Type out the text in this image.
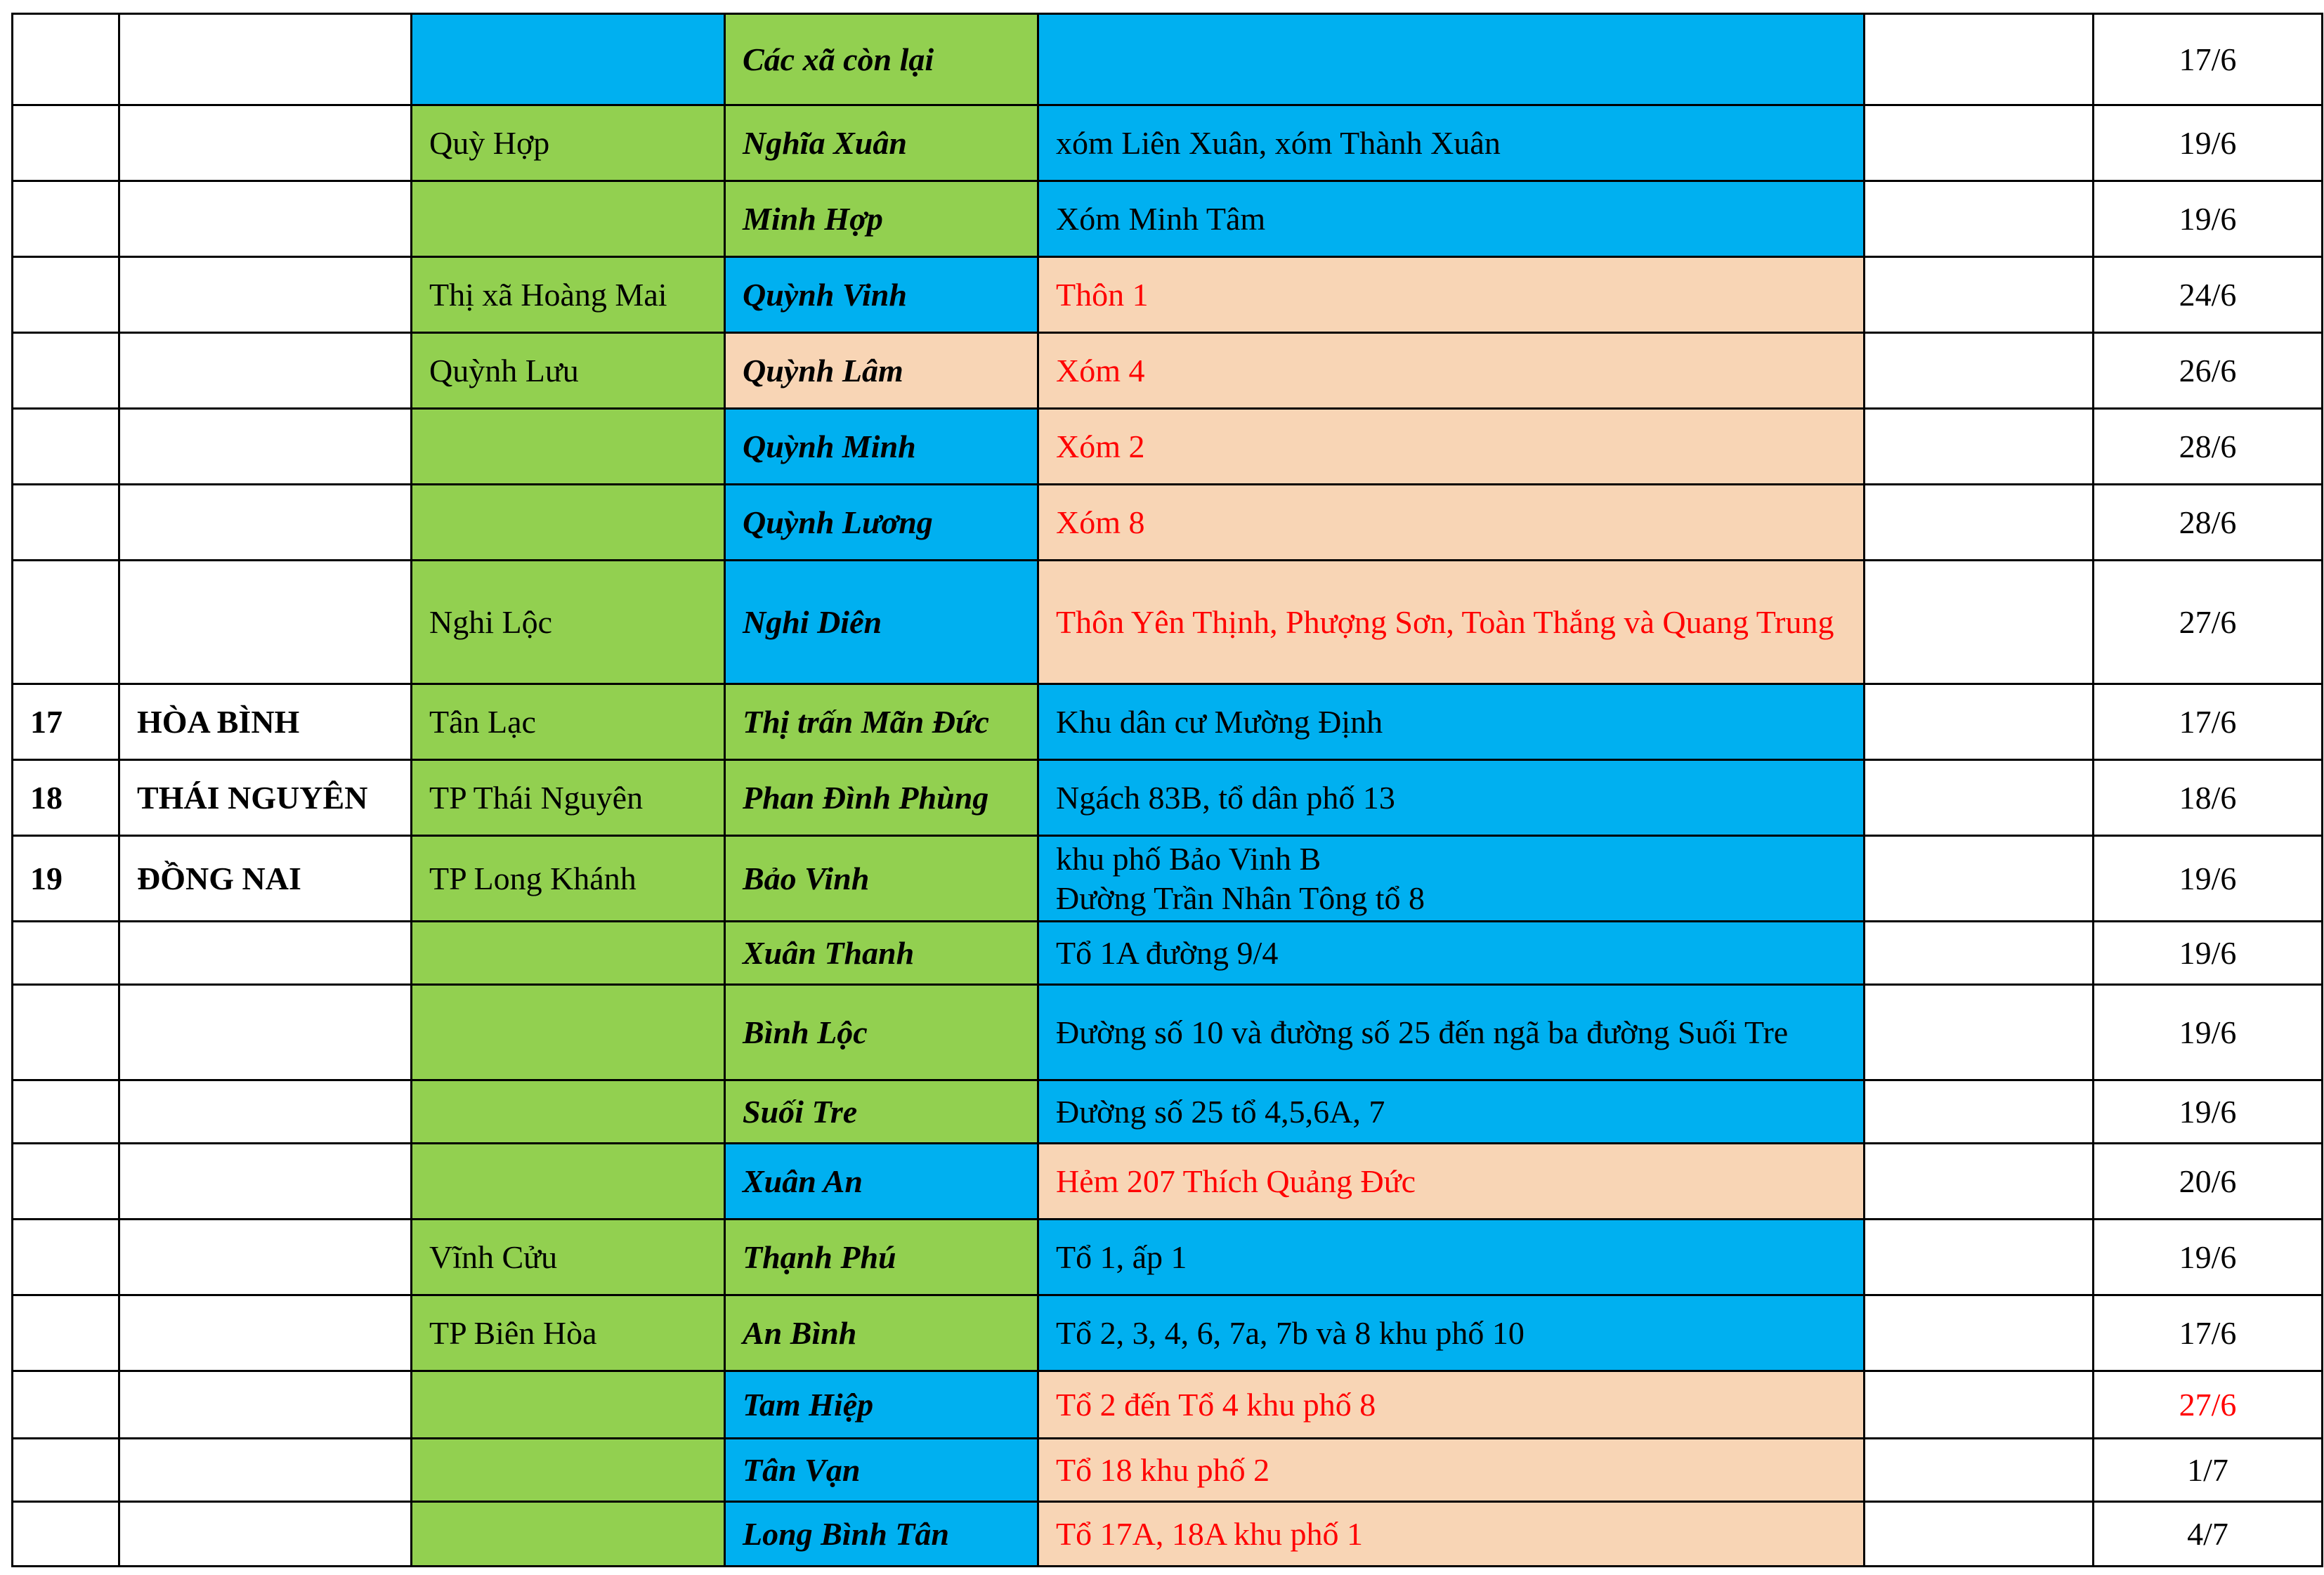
			Các xã còn lại			17/6
		Quỳ Hợp	Nghĩa Xuân	xóm Liên Xuân, xóm Thành Xuân		19/6
			Minh Hợp	Xóm Minh Tâm		19/6
		Thị xã Hoàng Mai	Quỳnh Vinh	Thôn 1		24/6
		Quỳnh Lưu	Quỳnh Lâm	Xóm 4		26/6
			Quỳnh Minh	Xóm 2		28/6
			Quỳnh Lương	Xóm 8		28/6
		Nghi Lộc	Nghi Diên	Thôn Yên Thịnh, Phượng Sơn, Toàn Thắng và Quang Trung		27/6
17	HÒA BÌNH	Tân Lạc	Thị trấn Mãn Đức	Khu dân cư Mường Định		17/6
18	THÁI NGUYÊN	TP Thái Nguyên	Phan Đình Phùng	Ngách 83B, tổ dân phố 13		18/6
19	ĐỒNG NAI	TP Long Khánh	Bảo Vinh	khu phố Bảo Vinh B
Đường Trần Nhân Tông tổ 8		19/6
			Xuân Thanh	Tổ 1A đường 9/4		19/6
			Bình Lộc	Đường số 10 và đường số 25 đến ngã ba đường Suối Tre		19/6
			Suối Tre	Đường số 25 tổ 4,5,6A, 7		19/6
			Xuân An	Hẻm 207 Thích Quảng Đức		20/6
		Vĩnh Cửu	Thạnh Phú	Tổ 1, ấp 1		19/6
		TP Biên Hòa	An Bình	Tổ 2, 3, 4, 6, 7a, 7b và 8 khu phố 10		17/6
			Tam Hiệp	Tổ 2 đến Tổ 4 khu phố 8		27/6
			Tân Vạn	Tổ 18 khu phố 2		1/7
			Long Bình Tân	Tổ 17A, 18A khu phố 1		4/7
